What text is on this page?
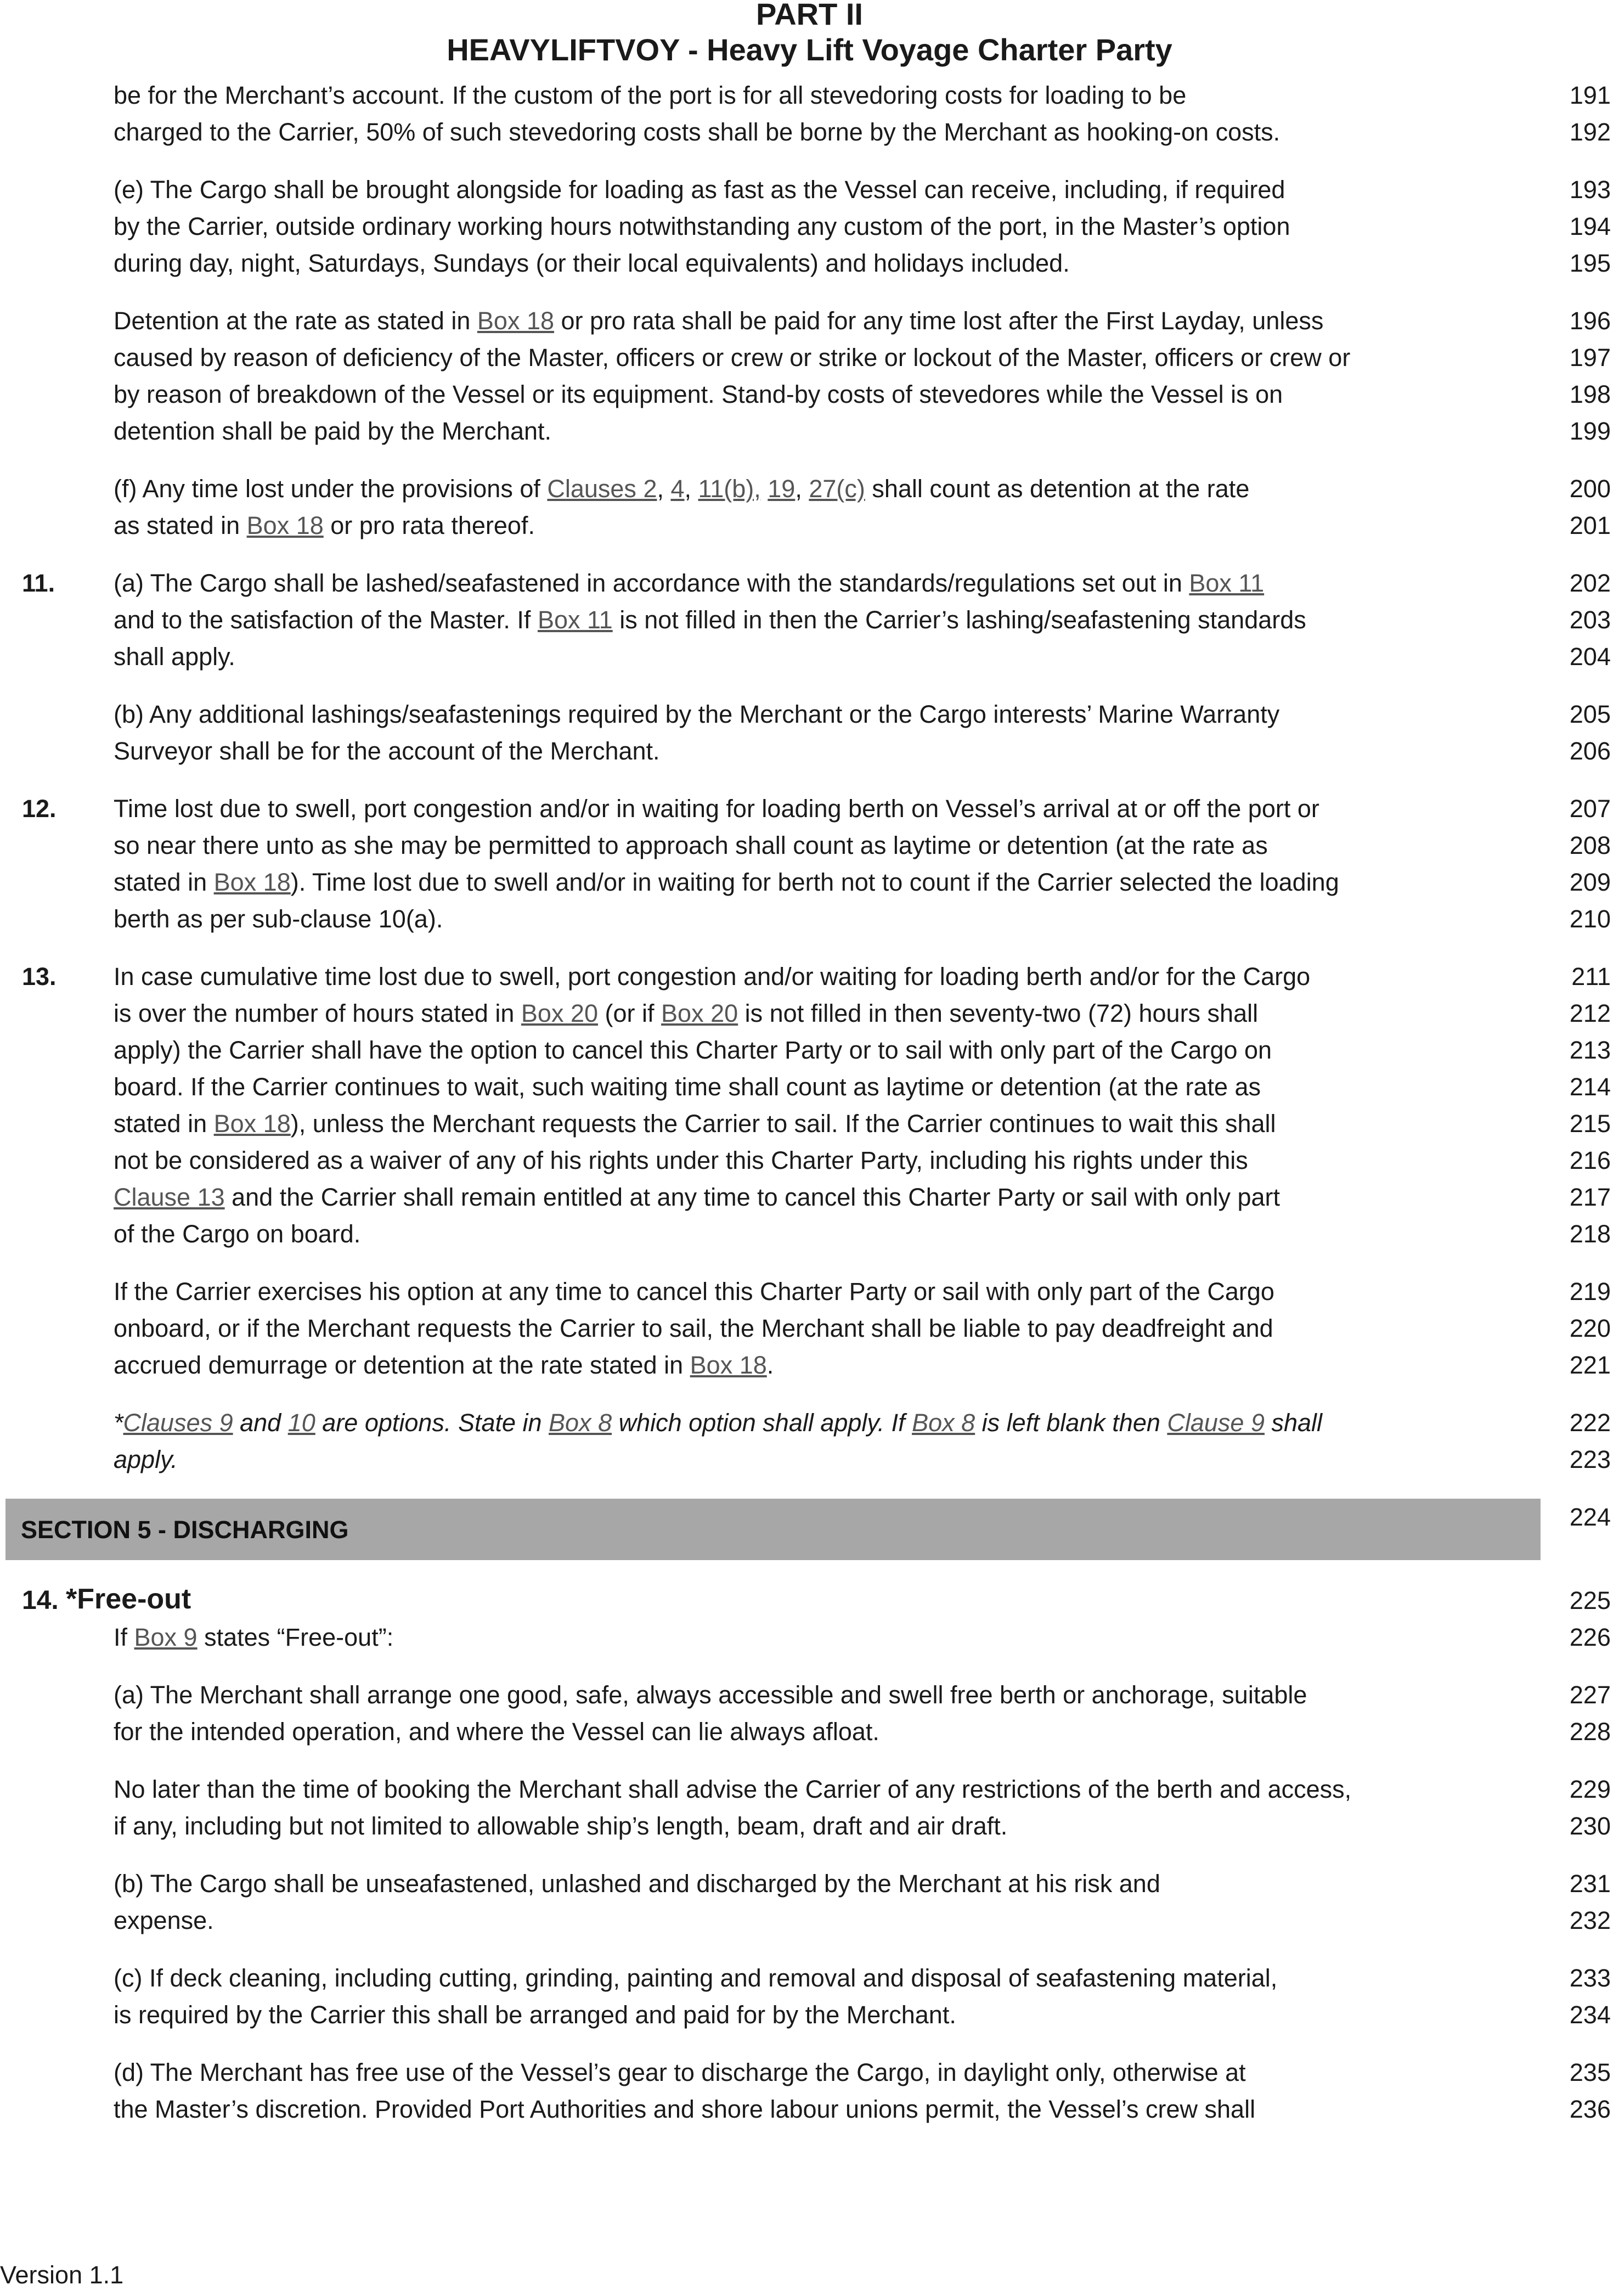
PART II
HEAVYLIFTVOY - Heavy Lift Voyage Charter Party
be for the Merchant’s account. If the custom of the port is for all stevedoring costs for loading to be	191
charged to the Carrier, 50% of such stevedoring costs shall be borne by the Merchant as hooking-on costs.	192
(e) The Cargo shall be brought alongside for loading as fast as the Vessel can receive, including, if required	193
by the Carrier, outside ordinary working hours notwithstanding any custom of the port, in the Master’s option	194
during day, night, Saturdays, Sundays (or their local equivalents) and holidays included.	195
Detention at the rate as stated in Box 18 or pro rata shall be paid for any time lost after the First Layday, unless	196
caused by reason of deficiency of the Master, officers or crew or strike or lockout of the Master, officers or crew or	197
by reason of breakdown of the Vessel or its equipment. Stand-by costs of stevedores while the Vessel is on	198
detention shall be paid by the Merchant.	199
(f) Any time lost under the provisions of Clauses 2, 4, 11(b), 19, 27(c) shall count as detention at the rate	200
as stated in Box 18 or pro rata thereof.	201
11. (a) The Cargo shall be lashed/seafastened in accordance with the standards/regulations set out in Box 11	202
and to the satisfaction of the Master. If Box 11 is not filled in then the Carrier’s lashing/seafastening standards	203
shall apply.	204
(b) Any additional lashings/seafastenings required by the Merchant or the Cargo interests’ Marine Warranty	205
Surveyor shall be for the account of the Merchant.	206
12. Time lost due to swell, port congestion and/or in waiting for loading berth on Vessel’s arrival at or off the port or	207
so near there unto as she may be permitted to approach shall count as laytime or detention (at the rate as	208
stated in Box 18). Time lost due to swell and/or in waiting for berth not to count if the Carrier selected the loading	209
berth as per sub-clause 10(a).	210
13. In case cumulative time lost due to swell, port congestion and/or waiting for loading berth and/or for the Cargo	211
is over the number of hours stated in Box 20 (or if Box 20 is not filled in then seventy-two (72) hours shall	212
apply) the Carrier shall have the option to cancel this Charter Party or to sail with only part of the Cargo on	213
board. If the Carrier continues to wait, such waiting time shall count as laytime or detention (at the rate as	214
stated in Box 18), unless the Merchant requests the Carrier to sail. If the Carrier continues to wait this shall	215
not be considered as a waiver of any of his rights under this Charter Party, including his rights under this	216
Clause 13 and the Carrier shall remain entitled at any time to cancel this Charter Party or sail with only part	217
of the Cargo on board.	218
If the Carrier exercises his option at any time to cancel this Charter Party or sail with only part of the Cargo	219
onboard, or if the Merchant requests the Carrier to sail, the Merchant shall be liable to pay deadfreight and	220
accrued demurrage or detention at the rate stated in Box 18.	221
*Clauses 9 and 10 are options. State in Box 8 which option shall apply. If Box 8 is left blank then Clause 9 shall	222
apply.	223
SECTION 5 - DISCHARGING	224
14. *Free-out	225
If Box 9 states “Free-out”:	226
(a) The Merchant shall arrange one good, safe, always accessible and swell free berth or anchorage, suitable	227
for the intended operation, and where the Vessel can lie always afloat.	228
No later than the time of booking the Merchant shall advise the Carrier of any restrictions of the berth and access,	229
if any, including but not limited to allowable ship’s length, beam, draft and air draft.	230
(b) The Cargo shall be unseafastened, unlashed and discharged by the Merchant at his risk and	231
expense.	232
(c) If deck cleaning, including cutting, grinding, painting and removal and disposal of seafastening material,	233
is required by the Carrier this shall be arranged and paid for by the Merchant.	234
(d) The Merchant has free use of the Vessel’s gear to discharge the Cargo, in daylight only, otherwise at	235
the Master’s discretion. Provided Port Authorities and shore labour unions permit, the Vessel’s crew shall	236
Version 1.1
